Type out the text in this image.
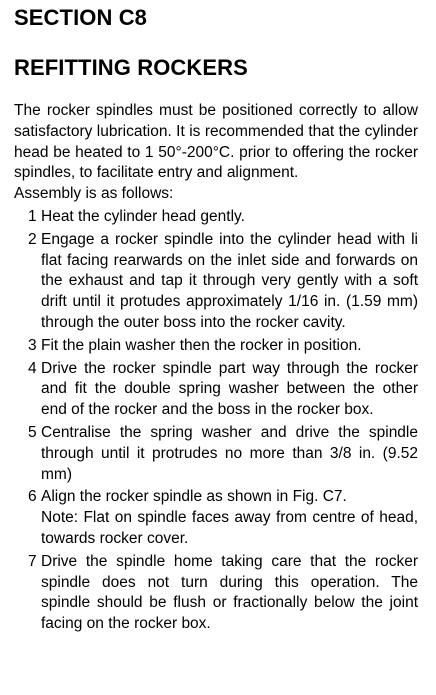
SECTION C8
REFITTING ROCKERS

The rocker spindles must be positioned correctly to allow satisfactory lubrication. It is recommended that the cylinder head be heated to 1 50°-200°C. prior to offering the rocker spindles, to facilitate entry and alignment.

Assembly is as follows:

1 Heat the cylinder head gently.

2 Engage a rocker spindle into the cylinder head with li flat facing rearwards on the inlet side and forwards on the exhaust and tap it through very gently with a soft drift until it protudes approximately 1/16 in. (1.59 mm) through the outer boss into the rocker cavity.

3 Fit the plain washer then the rocker in position.

4 Drive the rocker spindle part way through the rocker and fit the double spring washer between the other end of the rocker and the boss in the rocker box.

5 Centralise the spring washer and drive the spindle through until it protrudes no more than 3/8 in. (9.52 mm)

6 Align the rocker spindle as shown in Fig. C7.

Note: Flat on spindle faces away from centre of head, towards rocker cover.

7 Drive the spindle home taking care that the rocker spindle does not turn during this operation. The spindle should be flush or fractionally below the joint facing on the rocker box.
